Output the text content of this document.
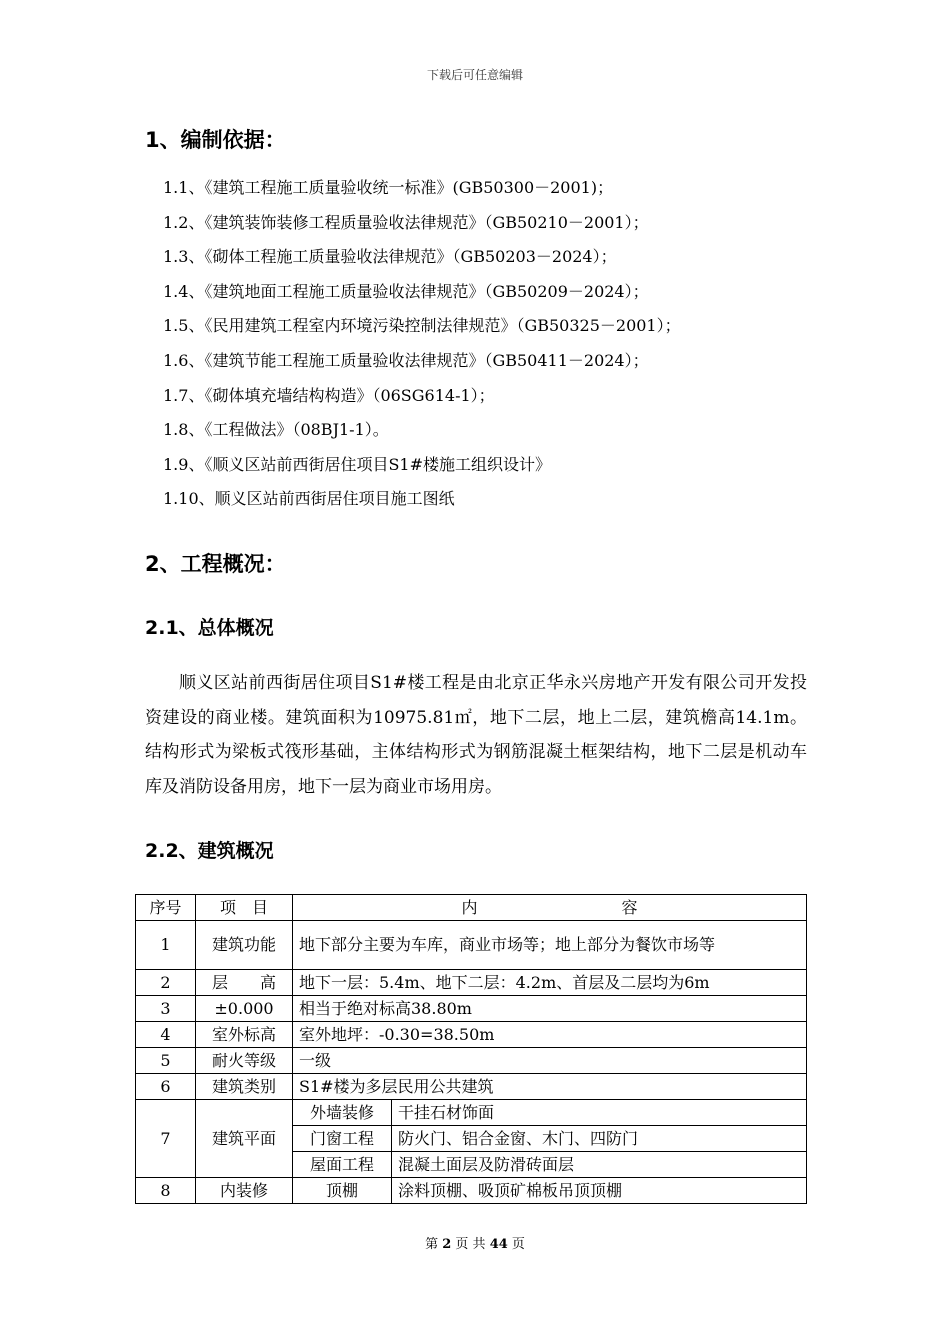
下载后可任意编辑
1、编制依据：
1.1、《建筑工程施工质量验收统一标准》(GB50300－2001)；
1.2、《建筑装饰装修工程质量验收法律规范》（GB50210－2001）；
1.3、《砌体工程施工质量验收法律规范》（GB50203－2024）；
1.4、《建筑地面工程施工质量验收法律规范》（GB50209－2024）；
1.5、《民用建筑工程室内环境污染控制法律规范》（GB50325－2001）；
1.6、《建筑节能工程施工质量验收法律规范》（GB50411－2024）；
1.7、《砌体填充墙结构构造》（06SG614-1）；
1.8、《工程做法》（08BJ1-1）。
1.9、《顺义区站前西街居住项目S1#楼施工组织设计》
1.10、顺义区站前西街居住项目施工图纸
2、工程概况：
2.1、总体概况

顺义区站前西街居住项目S1#楼工程是由北京正华永兴房地产开发有限公司开发投资建设的商业楼。建筑面积为10975.81㎡，地下二层，地上二层，建筑檐高14.1m。结构形式为梁板式筏形基础，主体结构形式为钢筋混凝土框架结构，地下二层是机动车库及消防设备用房，地下一层为商业市场用房。

2.2、建筑概况
序号	项　目	内　　　　　　　　　容	
1	建筑功能	地下部分主要为车库，商业市场等；地上部分为餐饮市场等	
2	层　　高	地下一层：5.4m、地下二层：4.2m、首层及二层均为6m	
3	±0.000	相当于绝对标高38.80m	
4	室外标高	室外地坪：-0.30=38.50m	
5	耐火等级	一级	
6	建筑类别	S1#楼为多层民用公共建筑	
7	建筑平面	外墙装修	干挂石材饰面
		门窗工程	防火门、铝合金窗、木门、四防门
		屋面工程	混凝土面层及防滑砖面层
8	内装修	顶棚	涂料顶棚、吸顶矿棉板吊顶顶棚
第 2 页 共 44 页
